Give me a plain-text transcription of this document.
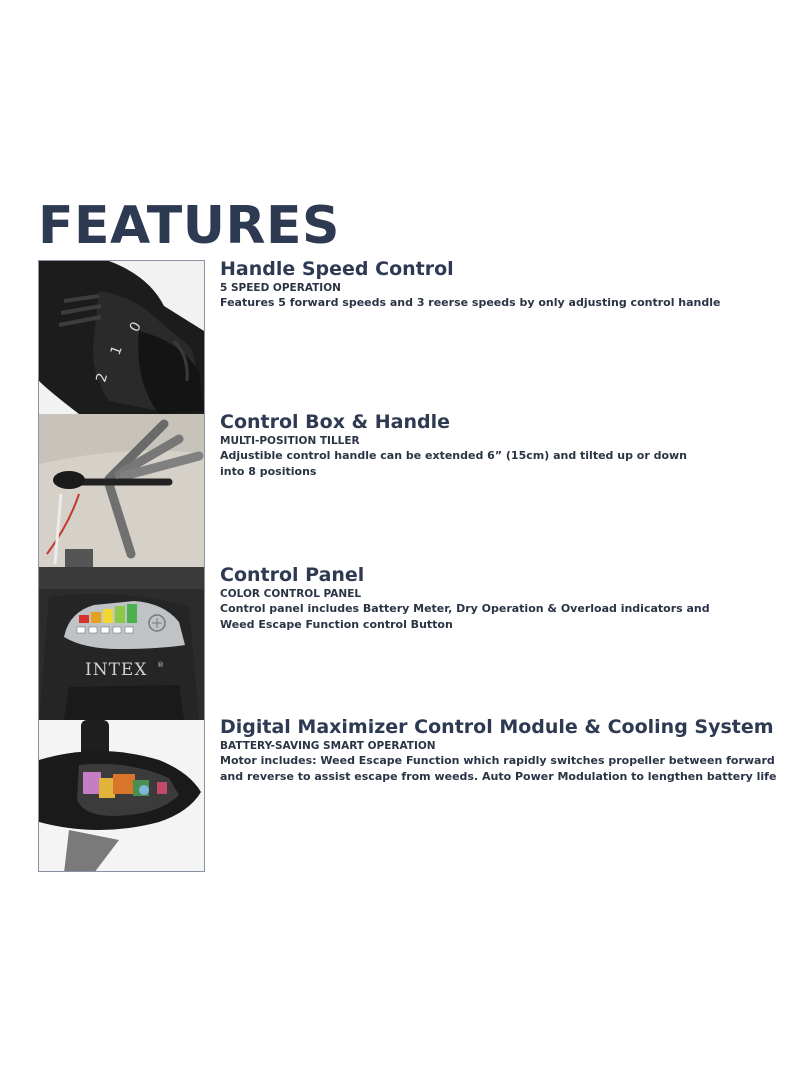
FEATURES
0
1
2
INTEX ®
Handle Speed Control
5 SPEED OPERATION
Features 5 forward speeds and 3 reerse speeds by only adjusting control handle
Control Box & Handle
MULTI-POSITION TILLER
Adjustible control handle can be extended 6” (15cm) and tilted up or down
into 8 positions
Control Panel
COLOR CONTROL PANEL
Control panel includes Battery Meter, Dry Operation & Overload indicators and
Weed Escape Function control Button
Digital Maximizer Control Module & Cooling System
BATTERY-SAVING SMART OPERATION
Motor includes: Weed Escape Function which rapidly switches propeller between forward
and reverse to assist escape from weeds. Auto Power Modulation to lengthen battery life
